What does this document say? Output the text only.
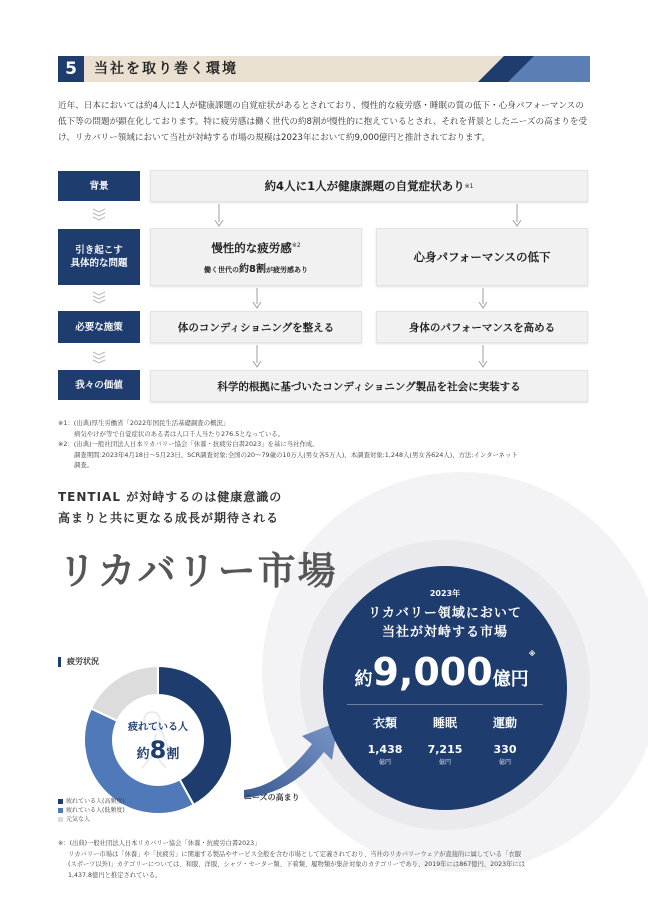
5	当社を取り巻く環境

近年、日本においては約4人に1人が健康課題の自覚症状があるとされており、慢性的な疲労感・睡眠の質の低下・心身パフォーマンスの低下等の問題が顕在化しております。特に疲労感は働く世代の約8割が慢性的に抱えているとされ、それを背景としたニーズの高まりを受け、リカバリー領域において当社が対峙する市場の規模は2023年において約9,000億円と推計されております。

背景
引き起こす
具体的な問題
必要な施策
我々の価値
約4人に1人が健康課題の自覚症状あり ※1
慢性的な疲労感$^{※2}$
働く世代の約8割が疲労感あり
心身パフォーマンスの低下
体のコンディショニングを整える	身体のパフォーマンスを高める
科学的根拠に基づいたコンディショニング製品を社会に実装する
※1：(出典)厚生労働省「2022年国民生活基礎調査の概況」
病気やけが等で自覚症状のある者は人口千人当たり276.5となっている。
※2：(出典)一般社団法人日本リカバリー協会「休養・抗疲労白書2023」を基に当社作成。
調査期間:2023年4月18日〜5月23日、SCR調査対象:全国の20〜79歳の10万人(男女各5万人)、本調査対象:1,248人(男女各624人)、方法:インターネット
調査。
TENTIAL が対峙するのは健康意識の
高まりと共に更なる成長が期待される
リカバリー市場
疲労状況
疲れている人
約8割
疲れている人(高頻度)
疲れている人(低頻度)
元気な人
ニーズの高まり
2023年
リカバリー領域において
当社が対峙する市場
約9,000億円※
衣類
1,438
億円
睡眠
7,215
億円
運動
330
億円
※：(出典)一般社団法人日本リカバリー協会「休養・抗疲労白書2023」
リカバリー市場は「休養」や「抗疲労」に関連する製品やサービス全般を含む市場として定義されており、当社のリカバリーウェアが直接的に属している「衣服
(スポーツ以外)」カテゴリーについては、和服、洋服、シャツ・セーター類、下着類、履物類が集計対象のカテゴリーであり、2019年には867億円、2023年には
1,437.8億円と推定されている。
